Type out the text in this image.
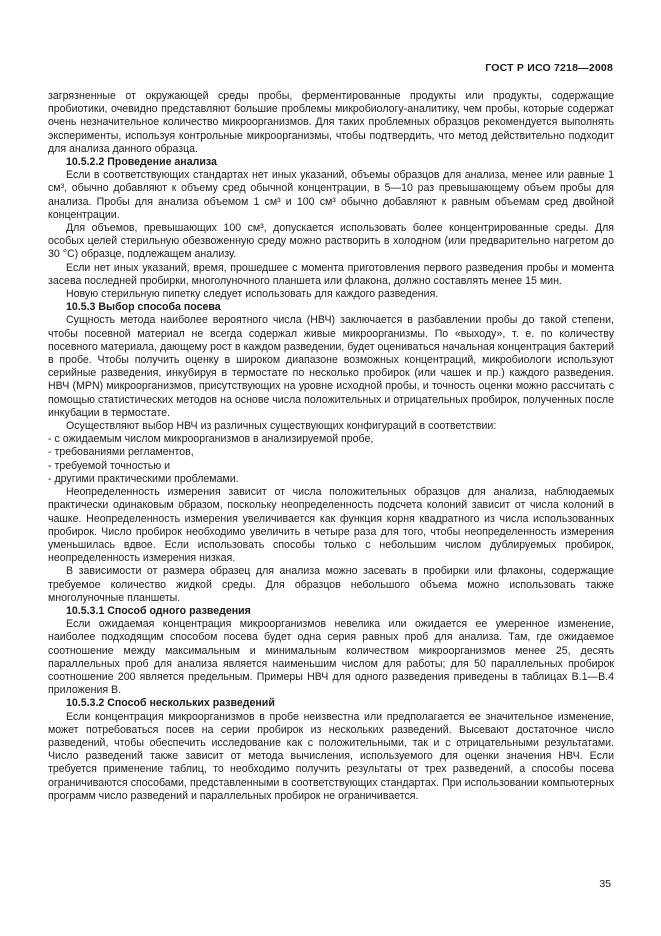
ГОСТ Р ИСО 7218—2008

загрязненные от окружающей среды пробы, ферментированные продукты или продукты, содержащие пробиотики, очевидно представляют большие проблемы микробиологу-аналитику, чем пробы, которые содержат очень незначительное количество микроорганизмов. Для таких проблемных образцов рекомендуется выполнять эксперименты, используя контрольные микроорганизмы, чтобы подтвердить, что метод действительно подходит для анализа данного образца.

10.5.2.2 Проведение анализа

Если в соответствующих стандартах нет иных указаний, объемы образцов для анализа, менее или равные 1 см³, обычно добавляют к объему сред обычной концентрации, в 5—10 раз превышающему объем пробы для анализа. Пробы для анализа объемом 1 см³ и 100 см³ обычно добавляют к равным объемам сред двойной концентрации.

Для объемов, превышающих 100 см³, допускается использовать более концентрированные среды. Для особых целей стерильную обезвоженную среду можно растворить в холодном (или предварительно нагретом до 30 °С) образце, подлежащем анализу.

Если нет иных указаний, время, прошедшее с момента приготовления первого разведения пробы и момента засева последней пробирки, многолуночного планшета или флакона, должно составлять менее 15 мин.

Новую стерильную пипетку следует использовать для каждого разведения.

10.5.3 Выбор способа посева

Сущность метода наиболее вероятного числа (НВЧ) заключается в разбавлении пробы до такой степени, чтобы посевной материал не всегда содержал живые микроорганизмы. По «выходу», т. е. по количеству посевного материала, дающему рост в каждом разведении, будет оцениваться начальная концентрация бактерий в пробе. Чтобы получить оценку в широком диапазоне возможных концентраций, микробиологи используют серийные разведения, инкубируя в термостате по несколько пробирок (или чашек и пр.) каждого разведения. НВЧ (MPN) микроорганизмов, присутствующих на уровне исходной пробы, и точность оценки можно рассчитать с помощью статистических методов на основе числа положительных и отрицательных пробирок, полученных после инкубации в термостате.

Осуществляют выбор НВЧ из различных существующих конфигураций в соответствии:

- с ожидаемым числом микроорганизмов в анализируемой пробе,

- требованиями регламентов,

- требуемой точностью и

- другими практическими проблемами.

Неопределенность измерения зависит от числа положительных образцов для анализа, наблюдаемых практически одинаковым образом, поскольку неопределенность подсчета колоний зависит от числа колоний в чашке. Неопределенность измерения увеличивается как функция корня квадратного из числа использованных пробирок. Число пробирок необходимо увеличить в четыре раза для того, чтобы неопределенность измерения уменьшилась вдвое. Если использовать способы только с небольшим числом дублируемых пробирок, неопределенность измерения низкая.

В зависимости от размера образец для анализа можно засевать в пробирки или флаконы, содержащие требуемое количество жидкой среды. Для образцов небольшого объема можно использовать также многолуночные планшеты.

10.5.3.1 Способ одного разведения

Если ожидаемая концентрация микроорганизмов невелика или ожидается ее умеренное изменение, наиболее подходящим способом посева будет одна серия равных проб для анализа. Там, где ожидаемое соотношение между максимальным и минимальным количеством микроорганизмов менее 25, десять параллельных проб для анализа является наименьшим числом для работы; для 50 параллельных пробирок соотношение 200 является предельным. Примеры НВЧ для одного разведения приведены в таблицах В.1—В.4 приложения В.

10.5.3.2 Способ нескольких разведений

Если концентрация микроорганизмов в пробе неизвестна или предполагается ее значительное изменение, может потребоваться посев на серии пробирок из нескольких разведений. Высевают достаточное число разведений, чтобы обеспечить исследование как с положительными, так и с отрицательными результатами. Число разведений также зависит от метода вычисления, используемого для оценки значения НВЧ. Если требуется применение таблиц, то необходимо получить результаты от трех разведений, а способы посева ограничиваются способами, представленными в соответствующих стандартах. При использовании компьютерных программ число разведений и параллельных пробирок не ограничивается.

35
